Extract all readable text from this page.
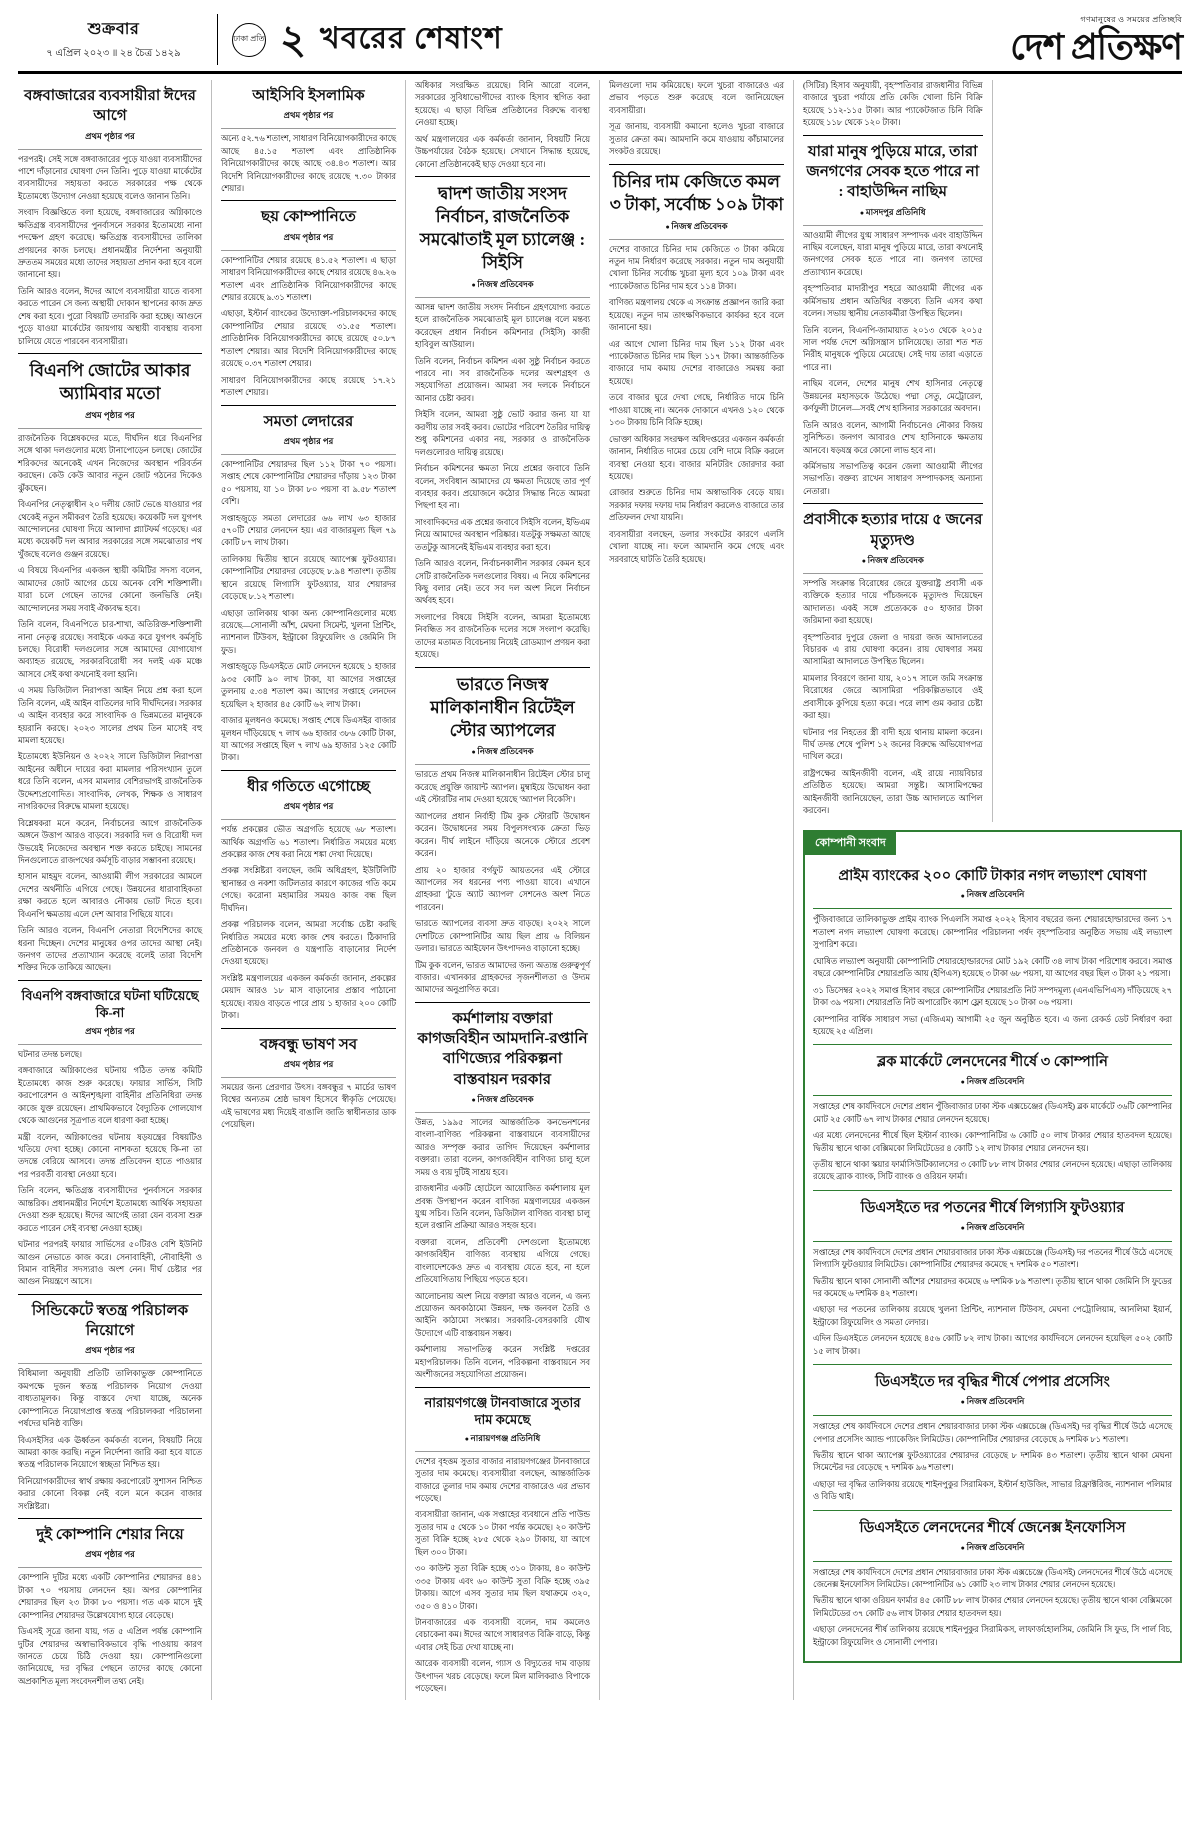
শুক্রবার
৭ এপ্রিল ২০২৩ ॥ ২৪ চৈত্র ১৪২৯
ঢাকা প্রতি ২ খবরের শেষাংশ
গণমানুষের ও সময়ের প্রতিচ্ছবি
দেশ প্রতিক্ষণ
বঙ্গবাজারের ব্যবসায়ীরা ঈদের আগে
প্রথম পৃষ্ঠার পর

পরপরই। সেই সঙ্গে বঙ্গবাজারের পুড়ে যাওয়া ব্যবসায়ীদের পাশে দাঁড়ানোর ঘোষণা দেন তিনি। পুড়ে যাওয়া মার্কেটের ব্যবসায়ীদের সহায়তা করতে সরকারের পক্ষ থেকে ইতোমধ্যে উদ্যোগ নেওয়া হয়েছে বলেও জানান তিনি।

সংবাদ বিজ্ঞপ্তিতে বলা হয়েছে, বঙ্গবাজারের অগ্নিকাণ্ডে ক্ষতিগ্রস্ত ব্যবসায়ীদের পুনর্বাসনে সরকার ইতোমধ্যে নানা পদক্ষেপ গ্রহণ করেছে। ক্ষতিগ্রস্ত ব্যবসায়ীদের তালিকা প্রণয়নের কাজ চলছে। প্রধানমন্ত্রীর নির্দেশনা অনুযায়ী দ্রুততম সময়ের মধ্যে তাদের সহায়তা প্রদান করা হবে বলে জানানো হয়।

তিনি আরও বলেন, ঈদের আগে ব্যবসায়ীরা যাতে ব্যবসা করতে পারেন সে জন্য অস্থায়ী দোকান স্থাপনের কাজ দ্রুত শেষ করা হবে। পুরো বিষয়টি তদারকি করা হচ্ছে। আগুনে পুড়ে যাওয়া মার্কেটের জায়গায় অস্থায়ী ব্যবস্থায় ব্যবসা চালিয়ে যেতে পারবেন ব্যবসায়ীরা।

বিএনপি জোটের আকার অ্যামিবার মতো
প্রথম পৃষ্ঠার পর

রাজনৈতিক বিশ্লেষকদের মতে, দীর্ঘদিন ধরে বিএনপির সঙ্গে থাকা দলগুলোর মধ্যে টানাপোড়েন চলছে। জোটের শরিকদের অনেকেই এখন নিজেদের অবস্থান পরিবর্তন করছেন। কেউ কেউ আবার নতুন জোট গঠনের দিকেও ঝুঁকছেন।

বিএনপির নেতৃত্বাধীন ২০ দলীয় জোট ভেঙে যাওয়ার পর থেকেই নতুন সমীকরণ তৈরি হয়েছে। কয়েকটি দল যুগপৎ আন্দোলনের ঘোষণা দিয়ে আলাদা প্ল্যাটফর্ম গড়েছে। এর মধ্যে কয়েকটি দল আবার সরকারের সঙ্গে সমঝোতার পথ খুঁজছে বলেও গুঞ্জন রয়েছে।

এ বিষয়ে বিএনপির একজন স্থায়ী কমিটির সদস্য বলেন, আমাদের জোট আগের চেয়ে অনেক বেশি শক্তিশালী। যারা চলে গেছেন তাদের কোনো জনভিত্তি নেই। আন্দোলনের সময় সবাই ঐক্যবদ্ধ হবে।

তিনি বলেন, বিএনপিতে চার-শাখা, অতিরিক্ত-শক্তিশালী নানা নেতৃত্ব রয়েছে। সবাইকে একত্র করে যুগপৎ কর্মসূচি চলছে। বিরোধী দলগুলোর সঙ্গে আমাদের যোগাযোগ অব্যাহত রয়েছে, সরকারবিরোধী সব দলই এক মঞ্চে আসবে সেই কথা কখনোই বলা হয়নি।

এ সময় ডিজিটাল নিরাপত্তা আইন নিয়ে প্রশ্ন করা হলে তিনি বলেন, এই আইন বাতিলের দাবি দীর্ঘদিনের। সরকার এ আইন ব্যবহার করে সাংবাদিক ও ভিন্নমতের মানুষকে হয়রানি করছে। ২০২৩ সালের প্রথম তিন মাসেই বহু মামলা হয়েছে।

ইতোমধ্যে ইউনিয়ন ও ২০২২ সালে ডিজিটাল নিরাপত্তা আইনের অধীনে দায়ের করা মামলার পরিসংখ্যান তুলে ধরে তিনি বলেন, এসব মামলার বেশিরভাগই রাজনৈতিক উদ্দেশ্যপ্রণোদিত। সাংবাদিক, লেখক, শিক্ষক ও সাধারণ নাগরিকদের বিরুদ্ধে মামলা হয়েছে।

বিশ্লেষকরা মনে করেন, নির্বাচনের আগে রাজনৈতিক অঙ্গনে উত্তাপ আরও বাড়বে। সরকারি দল ও বিরোধী দল উভয়েই নিজেদের অবস্থান শক্ত করতে চাইছে। সামনের দিনগুলোতে রাজপথের কর্মসূচি বাড়ার সম্ভাবনা রয়েছে।

হাসান মাহমুদ বলেন, আওয়ামী লীগ সরকারের আমলে দেশের অর্থনীতি এগিয়ে গেছে। উন্নয়নের ধারাবাহিকতা রক্ষা করতে হলে আবারও নৌকায় ভোট দিতে হবে। বিএনপি ক্ষমতায় এলে দেশ আবার পিছিয়ে যাবে।

তিনি আরও বলেন, বিএনপি নেতারা বিদেশিদের কাছে ধরনা দিচ্ছেন। দেশের মানুষের ওপর তাদের আস্থা নেই। জনগণ তাদের প্রত্যাখ্যান করেছে বলেই তারা বিদেশি শক্তির দিকে তাকিয়ে আছেন।

বিএনপি বঙ্গবাজারে ঘটনা ঘটিয়েছে কি-না
প্রথম পৃষ্ঠার পর

ঘটনার তদন্ত চলছে।

বঙ্গবাজারে অগ্নিকাণ্ডের ঘটনায় গঠিত তদন্ত কমিটি ইতোমধ্যে কাজ শুরু করেছে। ফায়ার সার্ভিস, সিটি করপোরেশন ও আইনশৃঙ্খলা বাহিনীর প্রতিনিধিরা তদন্ত কাজে যুক্ত রয়েছেন। প্রাথমিকভাবে বৈদ্যুতিক গোলযোগ থেকে আগুনের সূত্রপাত বলে ধারণা করা হচ্ছে।

মন্ত্রী বলেন, অগ্নিকাণ্ডের ঘটনায় ষড়যন্ত্রের বিষয়টিও খতিয়ে দেখা হচ্ছে। কোনো নাশকতা হয়েছে কি-না তা তদন্তে বেরিয়ে আসবে। তদন্ত প্রতিবেদন হাতে পাওয়ার পর পরবর্তী ব্যবস্থা নেওয়া হবে।

তিনি বলেন, ক্ষতিগ্রস্ত ব্যবসায়ীদের পুনর্বাসনে সরকার আন্তরিক। প্রধানমন্ত্রীর নির্দেশে ইতোমধ্যে আর্থিক সহায়তা দেওয়া শুরু হয়েছে। ঈদের আগেই তারা যেন ব্যবসা শুরু করতে পারেন সেই ব্যবস্থা নেওয়া হচ্ছে।

ঘটনার পরপরই ফায়ার সার্ভিসের ৫০টিরও বেশি ইউনিট আগুন নেভাতে কাজ করে। সেনাবাহিনী, নৌবাহিনী ও বিমান বাহিনীর সদস্যরাও অংশ নেন। দীর্ঘ চেষ্টার পর আগুন নিয়ন্ত্রণে আসে।

সিন্ডিকেটে স্বতন্ত্র পরিচালক নিয়োগে
প্রথম পৃষ্ঠার পর

বিধিমালা অনুযায়ী প্রতিটি তালিকাভুক্ত কোম্পানিতে কমপক্ষে দুজন স্বতন্ত্র পরিচালক নিয়োগ দেওয়া বাধ্যতামূলক। কিন্তু বাস্তবে দেখা যাচ্ছে, অনেক কোম্পানিতে নিয়োগপ্রাপ্ত স্বতন্ত্র পরিচালকরা পরিচালনা পর্ষদের ঘনিষ্ঠ ব্যক্তি।

বিএসইসির এক ঊর্ধ্বতন কর্মকর্তা বলেন, বিষয়টি নিয়ে আমরা কাজ করছি। নতুন নির্দেশনা জারি করা হবে যাতে স্বতন্ত্র পরিচালক নিয়োগে স্বচ্ছতা নিশ্চিত হয়।

বিনিয়োগকারীদের স্বার্থ রক্ষায় করপোরেট সুশাসন নিশ্চিত করার কোনো বিকল্প নেই বলে মনে করেন বাজার সংশ্লিষ্টরা।

দুই কোম্পানি শেয়ার নিয়ে
প্রথম পৃষ্ঠার পর

কোম্পানি দুটির মধ্যে একটি কোম্পানির শেয়ারদর ৪৪১ টাকা ৭০ পয়সায় লেনদেন হয়। অপর কোম্পানির শেয়ারদর ছিল ২৩ টাকা ৮০ পয়সা। গত এক মাসে দুই কোম্পানির শেয়ারদর উল্লেখযোগ্য হারে বেড়েছে।

ডিএসই সূত্রে জানা যায়, গত ৫ এপ্রিল পর্যন্ত কোম্পানি দুটির শেয়ারদর অস্বাভাবিকভাবে বৃদ্ধি পাওয়ায় কারণ জানতে চেয়ে চিঠি দেওয়া হয়। কোম্পানিগুলো জানিয়েছে, দর বৃদ্ধির পেছনে তাদের কাছে কোনো অপ্রকাশিত মূল্য সংবেদনশীল তথ্য নেই।

আইসিবি ইসলামিক
প্রথম পৃষ্ঠার পর

অন্যে ৫২.৭৬ শতাংশ, সাধারণ বিনিয়োগকারীদের কাছে আছে ৪৫.১৫ শতাংশ এবং প্রাতিষ্ঠানিক বিনিয়োগকারীদের কাছে আছে ৩৪.৪৩ শতাংশ। আর বিদেশি বিনিয়োগকারীদের কাছে রয়েছে ৭.৩০ টাকার শেয়ার।

ছয় কোম্পানিতে
প্রথম পৃষ্ঠার পর

কোম্পানিটির শেয়ার রয়েছে ৪১.৫২ শতাংশ। এ ছাড়া সাধারণ বিনিয়োগকারীদের কাছে শেয়ার রয়েছে ৪৬.২৬ শতাংশ এবং প্রাতিষ্ঠানিক বিনিয়োগকারীদের কাছে শেয়ার রয়েছে ৯.৩১ শতাংশ।

এছাড়া, ইস্টার্ন ব্যাংকের উদ্যোক্তা-পরিচালকদের কাছে কোম্পানিটির শেয়ার রয়েছে ৩১.৫৫ শতাংশ। প্রাতিষ্ঠানিক বিনিয়োগকারীদের কাছে রয়েছে ৫০.৮৭ শতাংশ শেয়ার। আর বিদেশি বিনিয়োগকারীদের কাছে রয়েছে ০.৩৭ শতাংশ শেয়ার।

সাধারণ বিনিয়োগকারীদের কাছে রয়েছে ১৭.২১ শতাংশ শেয়ার।

সমতা লেদারের
প্রথম পৃষ্ঠার পর

কোম্পানিটির শেয়ারদর ছিল ১১২ টাকা ৭০ পয়সা। সপ্তাহ শেষে কোম্পানিটির শেয়ারদর দাঁড়ায় ১২৩ টাকা ৫০ পয়সায়, যা ১০ টাকা ৮০ পয়সা বা ৯.৫৮ শতাংশ বেশি।

সপ্তাহজুড়ে সমতা লেদারের ৬৬ লাখ ৬৩ হাজার ৫৭০টি শেয়ার লেনদেন হয়। এর বাজারমূল্য ছিল ৭৯ কোটি ৮৭ লাখ টাকা।

তালিকায় দ্বিতীয় স্থানে রয়েছে অ্যাপেক্স ফুটওয়্যার। কোম্পানিটির শেয়ারদর বেড়েছে ৮.৯৪ শতাংশ। তৃতীয় স্থানে রয়েছে লিগ্যাসি ফুটওয়্যার, যার শেয়ারদর বেড়েছে ৮.১২ শতাংশ।

এছাড়া তালিকায় থাকা অন্য কোম্পানিগুলোর মধ্যে রয়েছে—সোনালী আঁশ, মেঘনা সিমেন্ট, খুলনা প্রিন্টিং, ন্যাশনাল টিউবস, ইন্ট্রাকো রিফুয়েলিং ও জেমিনি সি ফুড।

সপ্তাহজুড়ে ডিএসইতে মোট লেনদেন হয়েছে ১ হাজার ৯৩৫ কোটি ৯০ লাখ টাকা, যা আগের সপ্তাহের তুলনায় ৫.৩৪ শতাংশ কম। আগের সপ্তাহে লেনদেন হয়েছিল ২ হাজার ৪৫ কোটি ৬২ লাখ টাকা।

বাজার মূলধনও কমেছে। সপ্তাহ শেষে ডিএসইর বাজার মূলধন দাঁড়িয়েছে ৭ লাখ ৬৬ হাজার ৩৮৬ কোটি টাকা, যা আগের সপ্তাহে ছিল ৭ লাখ ৬৯ হাজার ১২৫ কোটি টাকা।

ধীর গতিতে এগোচ্ছে
প্রথম পৃষ্ঠার পর

পর্যন্ত প্রকল্পের ভৌত অগ্রগতি হয়েছে ৬৮ শতাংশ। আর্থিক অগ্রগতি ৬১ শতাংশ। নির্ধারিত সময়ের মধ্যে প্রকল্পের কাজ শেষ করা নিয়ে শঙ্কা দেখা দিয়েছে।

প্রকল্প সংশ্লিষ্টরা বলছেন, জমি অধিগ্রহণ, ইউটিলিটি স্থানান্তর ও নকশা জটিলতার কারণে কাজের গতি কমে গেছে। করোনা মহামারির সময়ও কাজ বন্ধ ছিল দীর্ঘদিন।

প্রকল্প পরিচালক বলেন, আমরা সর্বোচ্চ চেষ্টা করছি নির্ধারিত সময়ের মধ্যে কাজ শেষ করতে। ঠিকাদারি প্রতিষ্ঠানকে জনবল ও যন্ত্রপাতি বাড়ানোর নির্দেশ দেওয়া হয়েছে।

সংশ্লিষ্ট মন্ত্রণালয়ের একজন কর্মকর্তা জানান, প্রকল্পের মেয়াদ আরও ১৮ মাস বাড়ানোর প্রস্তাব পাঠানো হয়েছে। ব্যয়ও বাড়তে পারে প্রায় ১ হাজার ২০০ কোটি টাকা।

বঙ্গবন্ধু ভাষণ সব
প্রথম পৃষ্ঠার পর

সময়ের জন্য প্রেরণার উৎস। বঙ্গবন্ধুর ৭ মার্চের ভাষণ বিশ্বের অন্যতম শ্রেষ্ঠ ভাষণ হিসেবে স্বীকৃতি পেয়েছে। এই ভাষণের মধ্য দিয়েই বাঙালি জাতি স্বাধীনতার ডাক পেয়েছিল।

অধিকার সংরক্ষিত রয়েছে। বিনি আরো বলেন, সরকারের সুবিধাভোগীদের ব্যাংক হিসাব স্থগিত করা হয়েছে। এ ছাড়া বিভিন্ন প্রতিষ্ঠানের বিরুদ্ধে ব্যবস্থা নেওয়া হচ্ছে।

অর্থ মন্ত্রণালয়ের এক কর্মকর্তা জানান, বিষয়টি নিয়ে উচ্চপর্যায়ের বৈঠক হয়েছে। সেখানে সিদ্ধান্ত হয়েছে, কোনো প্রতিষ্ঠানকেই ছাড় দেওয়া হবে না।

দ্বাদশ জাতীয় সংসদ নির্বাচন, রাজনৈতিক সমঝোতাই মূল চ্যালেঞ্জ : সিইসি
● নিজস্ব প্রতিবেদক

আসন্ন দ্বাদশ জাতীয় সংসদ নির্বাচন গ্রহণযোগ্য করতে হলে রাজনৈতিক সমঝোতাই মূল চ্যালেঞ্জ বলে মন্তব্য করেছেন প্রধান নির্বাচন কমিশনার (সিইসি) কাজী হাবিবুল আউয়াল।

তিনি বলেন, নির্বাচন কমিশন একা সুষ্ঠু নির্বাচন করতে পারবে না। সব রাজনৈতিক দলের অংশগ্রহণ ও সহযোগিতা প্রয়োজন। আমরা সব দলকে নির্বাচনে আনার চেষ্টা করব।

সিইসি বলেন, আমরা সুষ্ঠু ভোট করার জন্য যা যা করণীয় তার সবই করব। ভোটের পরিবেশ তৈরির দায়িত্ব শুধু কমিশনের একার নয়, সরকার ও রাজনৈতিক দলগুলোরও দায়িত্ব রয়েছে।

নির্বাচন কমিশনের ক্ষমতা নিয়ে প্রশ্নের জবাবে তিনি বলেন, সংবিধান আমাদের যে ক্ষমতা দিয়েছে তার পূর্ণ ব্যবহার করব। প্রয়োজনে কঠোর সিদ্ধান্ত নিতে আমরা পিছপা হব না।

সাংবাদিকদের এক প্রশ্নের জবাবে সিইসি বলেন, ইভিএম নিয়ে আমাদের অবস্থান পরিষ্কার। যতটুকু সক্ষমতা আছে ততটুকু আসনেই ইভিএম ব্যবহার করা হবে।

তিনি আরও বলেন, নির্বাচনকালীন সরকার কেমন হবে সেটি রাজনৈতিক দলগুলোর বিষয়। এ নিয়ে কমিশনের কিছু বলার নেই। তবে সব দল অংশ নিলে নির্বাচন অর্থবহ হবে।

সংলাপের বিষয়ে সিইসি বলেন, আমরা ইতোমধ্যে নিবন্ধিত সব রাজনৈতিক দলের সঙ্গে সংলাপ করেছি। তাদের মতামত বিবেচনায় নিয়েই রোডম্যাপ প্রণয়ন করা হয়েছে।

ভারতে নিজস্ব মালিকানাধীন রিটেইল স্টোর অ্যাপলের
● নিজস্ব প্রতিবেদক

ভারতে প্রথম নিজস্ব মালিকানাধীন রিটেইল স্টোর চালু করেছে প্রযুক্তি জায়ান্ট অ্যাপল। মুম্বাইয়ে উদ্বোধন করা এই স্টোরটির নাম দেওয়া হয়েছে 'অ্যাপল বিকেসি'।

অ্যাপলের প্রধান নির্বাহী টিম কুক স্টোরটি উদ্বোধন করেন। উদ্বোধনের সময় বিপুলসংখ্যক ক্রেতা ভিড় করেন। দীর্ঘ লাইনে দাঁড়িয়ে অনেকে স্টোরে প্রবেশ করেন।

প্রায় ২০ হাজার বর্গফুট আয়তনের এই স্টোরে অ্যাপলের সব ধরনের পণ্য পাওয়া যাবে। এখানে গ্রাহকরা 'টুডে অ্যাট অ্যাপল' সেশনেও অংশ নিতে পারবেন।

ভারতে অ্যাপলের ব্যবসা দ্রুত বাড়ছে। ২০২২ সালে দেশটিতে কোম্পানিটির আয় ছিল প্রায় ৬ বিলিয়ন ডলার। ভারতে আইফোন উৎপাদনও বাড়ানো হচ্ছে।

টিম কুক বলেন, ভারত আমাদের জন্য অত্যন্ত গুরুত্বপূর্ণ বাজার। এখানকার গ্রাহকদের সৃজনশীলতা ও উদ্যম আমাদের অনুপ্রাণিত করে।

কর্মশালায় বক্তারা কাগজবিহীন আমদানি-রপ্তানি বাণিজ্যের পরিকল্পনা বাস্তবায়ন দরকার
● নিজস্ব প্রতিবেদক

উন্নত, ১৯৯৫ সালের আন্তর্জাতিক কনভেনশনের বাংলা-বাণিজ্য পরিকল্পনা বাস্তবায়নে ব্যবসায়ীদের আরও সম্পৃক্ত করার তাগিদ দিয়েছেন কর্মশালার বক্তারা। তারা বলেন, কাগজবিহীন বাণিজ্য চালু হলে সময় ও ব্যয় দুটিই সাশ্রয় হবে।

রাজধানীর একটি হোটেলে আয়োজিত কর্মশালায় মূল প্রবন্ধ উপস্থাপন করেন বাণিজ্য মন্ত্রণালয়ের একজন যুগ্ম সচিব। তিনি বলেন, ডিজিটাল বাণিজ্য ব্যবস্থা চালু হলে রপ্তানি প্রক্রিয়া আরও সহজ হবে।

বক্তারা বলেন, প্রতিবেশী দেশগুলো ইতোমধ্যে কাগজবিহীন বাণিজ্য ব্যবস্থায় এগিয়ে গেছে। বাংলাদেশকেও দ্রুত এ ব্যবস্থায় যেতে হবে, না হলে প্রতিযোগিতায় পিছিয়ে পড়তে হবে।

আলোচনায় অংশ নিয়ে বক্তারা আরও বলেন, এ জন্য প্রয়োজন অবকাঠামো উন্নয়ন, দক্ষ জনবল তৈরি ও আইনি কাঠামো সংস্কার। সরকারি-বেসরকারি যৌথ উদ্যোগে এটি বাস্তবায়ন সম্ভব।

কর্মশালায় সভাপতিত্ব করেন সংশ্লিষ্ট দপ্তরের মহাপরিচালক। তিনি বলেন, পরিকল্পনা বাস্তবায়নে সব অংশীজনের সহযোগিতা প্রয়োজন।

নারায়ণগঞ্জে টানবাজারে সুতার দাম কমেছে
● নারায়ণগঞ্জ প্রতিনিধি

দেশের বৃহত্তম সুতার বাজার নারায়ণগঞ্জের টানবাজারে সুতার দাম কমেছে। ব্যবসায়ীরা বলছেন, আন্তর্জাতিক বাজারে তুলার দাম কমায় দেশের বাজারেও এর প্রভাব পড়েছে।

ব্যবসায়ীরা জানান, এক সপ্তাহের ব্যবধানে প্রতি পাউন্ড সুতার দাম ৫ থেকে ১০ টাকা পর্যন্ত কমেছে। ২০ কাউন্ট সুতা বিক্রি হচ্ছে ২৮৫ থেকে ২৯০ টাকায়, যা আগে ছিল ৩০০ টাকা।

৩০ কাউন্ট সুতা বিক্রি হচ্ছে ৩১০ টাকায়, ৪০ কাউন্ট ৩৩৫ টাকায় এবং ৬০ কাউন্ট সুতা বিক্রি হচ্ছে ৩৯৫ টাকায়। আগে এসব সুতার দাম ছিল যথাক্রমে ৩২০, ৩৫০ ও ৪১০ টাকা।

টানবাজারের এক ব্যবসায়ী বলেন, দাম কমলেও বেচাকেনা কম। ঈদের আগে সাধারণত বিক্রি বাড়ে, কিন্তু এবার সেই চিত্র দেখা যাচ্ছে না।

আরেক ব্যবসায়ী বলেন, গ্যাস ও বিদ্যুতের দাম বাড়ায় উৎপাদন খরচ বেড়েছে। ফলে মিল মালিকরাও বিপাকে পড়েছেন।

মিলগুলো দাম কমিয়েছে। ফলে খুচরা বাজারেও এর প্রভাব পড়তে শুরু করেছে বলে জানিয়েছেন ব্যবসায়ীরা।

সূত্র জানায়, ব্যবসায়ী কমানো হলেও খুচরা বাজারে সুতার ক্রেতা কম। আমদানি কমে যাওয়ায় কাঁচামালের সংকটও রয়েছে।

চিনির দাম কেজিতে কমল ৩ টাকা, সর্বোচ্চ ১০৯ টাকা
● নিজস্ব প্রতিবেদক

দেশের বাজারে চিনির দাম কেজিতে ৩ টাকা কমিয়ে নতুন দাম নির্ধারণ করেছে সরকার। নতুন দাম অনুযায়ী খোলা চিনির সর্বোচ্চ খুচরা মূল্য হবে ১০৯ টাকা এবং প্যাকেটজাত চিনির দাম হবে ১১৪ টাকা।

বাণিজ্য মন্ত্রণালয় থেকে এ সংক্রান্ত প্রজ্ঞাপন জারি করা হয়েছে। নতুন দাম তাৎক্ষণিকভাবে কার্যকর হবে বলে জানানো হয়।

এর আগে খোলা চিনির দাম ছিল ১১২ টাকা এবং প্যাকেটজাত চিনির দাম ছিল ১১৭ টাকা। আন্তর্জাতিক বাজারে দাম কমায় দেশের বাজারেও সমন্বয় করা হয়েছে।

তবে বাজার ঘুরে দেখা গেছে, নির্ধারিত দামে চিনি পাওয়া যাচ্ছে না। অনেক দোকানে এখনও ১২০ থেকে ১৩০ টাকায় চিনি বিক্রি হচ্ছে।

ভোক্তা অধিকার সংরক্ষণ অধিদপ্তরের একজন কর্মকর্তা জানান, নির্ধারিত দামের চেয়ে বেশি দামে বিক্রি করলে ব্যবস্থা নেওয়া হবে। বাজার মনিটরিং জোরদার করা হয়েছে।

রোজার শুরুতে চিনির দাম অস্বাভাবিক বেড়ে যায়। সরকার দফায় দফায় দাম নির্ধারণ করলেও বাজারে তার প্রতিফলন দেখা যায়নি।

ব্যবসায়ীরা বলছেন, ডলার সংকটের কারণে এলসি খোলা যাচ্ছে না। ফলে আমদানি কমে গেছে এবং সরবরাহে ঘাটতি তৈরি হয়েছে।

(সিটির) হিসাব অনুযায়ী, বৃহস্পতিবার রাজধানীর বিভিন্ন বাজারে খুচরা পর্যায়ে প্রতি কেজি খোলা চিনি বিক্রি হয়েছে ১১২-১১৫ টাকা। আর প্যাকেটজাত চিনি বিক্রি হয়েছে ১১৮ থেকে ১২০ টাকা।

যারা মানুষ পুড়িয়ে মারে, তারা জনগণের সেবক হতে পারে না : বাহাউদ্দিন নাছিম
● মাসদপুর প্রতিনিধি

আওয়ামী লীগের যুগ্ম সাধারণ সম্পাদক এবং বাহাউদ্দিন নাছিম বলেছেন, যারা মানুষ পুড়িয়ে মারে, তারা কখনোই জনগণের সেবক হতে পারে না। জনগণ তাদের প্রত্যাখ্যান করেছে।

বৃহস্পতিবার মাদারীপুর শহরে আওয়ামী লীগের এক কর্মিসভায় প্রধান অতিথির বক্তব্যে তিনি এসব কথা বলেন। সভায় স্থানীয় নেতাকর্মীরা উপস্থিত ছিলেন।

তিনি বলেন, বিএনপি-জামায়াত ২০১৩ থেকে ২০১৫ সাল পর্যন্ত দেশে অগ্নিসন্ত্রাস চালিয়েছে। তারা শত শত নিরীহ মানুষকে পুড়িয়ে মেরেছে। সেই দায় তারা এড়াতে পারে না।

নাছিম বলেন, দেশের মানুষ শেখ হাসিনার নেতৃত্বে উন্নয়নের মহাসড়কে উঠেছে। পদ্মা সেতু, মেট্রোরেল, কর্ণফুলী টানেল—সবই শেখ হাসিনার সরকারের অবদান।

তিনি আরও বলেন, আগামী নির্বাচনেও নৌকার বিজয় সুনিশ্চিত। জনগণ আবারও শেখ হাসিনাকে ক্ষমতায় আনবে। ষড়যন্ত্র করে কোনো লাভ হবে না।

কর্মিসভায় সভাপতিত্ব করেন জেলা আওয়ামী লীগের সভাপতি। বক্তব্য রাখেন সাধারণ সম্পাদকসহ অন্যান্য নেতারা।

প্রবাসীকে হত্যার দায়ে ৫ জনের মৃত্যুদণ্ড
● নিজস্ব প্রতিবেদক

সম্পত্তি সংক্রান্ত বিরোধের জেরে যুক্তরাষ্ট্র প্রবাসী এক ব্যক্তিকে হত্যার দায়ে পাঁচজনকে মৃত্যুদণ্ড দিয়েছেন আদালত। একই সঙ্গে প্রত্যেককে ৫০ হাজার টাকা জরিমানা করা হয়েছে।

বৃহস্পতিবার দুপুরে জেলা ও দায়রা জজ আদালতের বিচারক এ রায় ঘোষণা করেন। রায় ঘোষণার সময় আসামিরা আদালতে উপস্থিত ছিলেন।

মামলার বিবরণে জানা যায়, ২০১৭ সালে জমি সংক্রান্ত বিরোধের জেরে আসামিরা পরিকল্পিতভাবে ওই প্রবাসীকে কুপিয়ে হত্যা করে। পরে লাশ গুম করার চেষ্টা করা হয়।

ঘটনার পর নিহতের স্ত্রী বাদী হয়ে থানায় মামলা করেন। দীর্ঘ তদন্ত শেষে পুলিশ ১২ জনের বিরুদ্ধে অভিযোগপত্র দাখিল করে।

রাষ্ট্রপক্ষের আইনজীবী বলেন, এই রায়ে ন্যায়বিচার প্রতিষ্ঠিত হয়েছে। আমরা সন্তুষ্ট। আসামিপক্ষের আইনজীবী জানিয়েছেন, তারা উচ্চ আদালতে আপিল করবেন।

কোম্পানী সংবাদ
প্রাইম ব্যাংকের ২০০ কোটি টাকার নগদ লভ্যাংশ ঘোষণা
● নিজস্ব প্রতিবেদনি

পুঁজিবাজারে তালিকাভুক্ত প্রাইম ব্যাংক পিএলসি সমাপ্ত ২০২২ হিসাব বছরের জন্য শেয়ারহোল্ডারদের জন্য ১৭ শতাংশ নগদ লভ্যাংশ ঘোষণা করেছে। কোম্পানির পরিচালনা পর্ষদ বৃহস্পতিবার অনুষ্ঠিত সভায় এই লভ্যাংশ সুপারিশ করে।

ঘোষিত লভ্যাংশ অনুযায়ী কোম্পানিটি শেয়ারহোল্ডারদের মোট ১৯২ কোটি ৩৪ লাখ টাকা পরিশোধ করবে। সমাপ্ত বছরে কোম্পানিটির শেয়ারপ্রতি আয় (ইপিএস) হয়েছে ৩ টাকা ৬৮ পয়সা, যা আগের বছর ছিল ৩ টাকা ২১ পয়সা।

৩১ ডিসেম্বর ২০২২ সমাপ্ত হিসাব বছরে কোম্পানিটির শেয়ারপ্রতি নিট সম্পদমূল্য (এনএভিপিএস) দাঁড়িয়েছে ২৭ টাকা ৩৯ পয়সা। শেয়ারপ্রতি নিট অপারেটিং ক্যাশ ফ্লো হয়েছে ১০ টাকা ০৬ পয়সা।

কোম্পানির বার্ষিক সাধারণ সভা (এজিএম) আগামী ২৫ জুন অনুষ্ঠিত হবে। এ জন্য রেকর্ড ডেট নির্ধারণ করা হয়েছে ২৫ এপ্রিল।

ব্লক মার্কেটে লেনদেনের শীর্ষে ৩ কোম্পানি
● নিজস্ব প্রতিবেদনি

সপ্তাহের শেষ কার্যদিবসে দেশের প্রধান পুঁজিবাজার ঢাকা স্টক এক্সচেঞ্জের (ডিএসই) ব্লক মার্কেটে ৩৬টি কোম্পানির মোট ২৫ কোটি ৬৭ লাখ টাকার শেয়ার লেনদেন হয়েছে।

এর মধ্যে লেনদেনের শীর্ষে ছিল ইস্টার্ন ব্যাংক। কোম্পানিটির ৬ কোটি ৫০ লাখ টাকার শেয়ার হাতবদল হয়েছে। দ্বিতীয় স্থানে থাকা বেক্সিমকো লিমিটেডের ৪ কোটি ১২ লাখ টাকার শেয়ার লেনদেন হয়।

তৃতীয় স্থানে থাকা স্কয়ার ফার্মাসিউটিক্যালসের ৩ কোটি ৮৮ লাখ টাকার শেয়ার লেনদেন হয়েছে। এছাড়া তালিকায় রয়েছে ব্র্যাক ব্যাংক, সিটি ব্যাংক ও ওরিয়ন ফার্মা।

ডিএসইতে দর পতনের শীর্ষে লিগ্যাসি ফুটওয়্যার
● নিজস্ব প্রতিবেদনি

সপ্তাহের শেষ কার্যদিবসে দেশের প্রধান শেয়ারবাজার ঢাকা স্টক এক্সচেঞ্জে (ডিএসই) দর পতনের শীর্ষে উঠে এসেছে লিগ্যাসি ফুটওয়্যার লিমিটেড। কোম্পানিটির শেয়ারদর কমেছে ৭ দশমিক ৫০ শতাংশ।

দ্বিতীয় স্থানে থাকা সোনালী আঁশের শেয়ারদর কমেছে ৬ দশমিক ৮৯ শতাংশ। তৃতীয় স্থানে থাকা জেমিনি সি ফুডের দর কমেছে ৬ দশমিক ৪২ শতাংশ।

এছাড়া দর পতনের তালিকায় রয়েছে খুলনা প্রিন্টিং, ন্যাশনাল টিউবস, মেঘনা পেট্রোলিয়াম, আনলিমা ইয়ার্ন, ইন্ট্রাকো রিফুয়েলিং ও সমতা লেদার।

এদিন ডিএসইতে লেনদেন হয়েছে ৪৫৬ কোটি ৮২ লাখ টাকা। আগের কার্যদিবসে লেনদেন হয়েছিল ৫০২ কোটি ১৫ লাখ টাকা।

ডিএসইতে দর বৃদ্ধির শীর্ষে পেপার প্রসেসিং
● নিজস্ব প্রতিবেদনি

সপ্তাহের শেষ কার্যদিবসে দেশের প্রধান শেয়ারবাজার ঢাকা স্টক এক্সচেঞ্জে (ডিএসই) দর বৃদ্ধির শীর্ষে উঠে এসেছে পেপার প্রসেসিং অ্যান্ড প্যাকেজিং লিমিটেড। কোম্পানিটির শেয়ারদর বেড়েছে ৯ দশমিক ৮১ শতাংশ।

দ্বিতীয় স্থানে থাকা অ্যাপেক্স ফুটওয়্যারের শেয়ারদর বেড়েছে ৮ দশমিক ৪৩ শতাংশ। তৃতীয় স্থানে থাকা মেঘনা সিমেন্টের দর বেড়েছে ৭ দশমিক ৯৬ শতাংশ।

এছাড়া দর বৃদ্ধির তালিকায় রয়েছে শাইনপুকুর সিরামিকস, ইস্টার্ন হাউজিং, সাভার রিফ্রাক্টরিজ, ন্যাশনাল পলিমার ও বিডি থাই।

ডিএসইতে লেনদেনের শীর্ষে জেনেক্স ইনফোসিস
● নিজস্ব প্রতিবেদনি

সপ্তাহের শেষ কার্যদিবসে দেশের প্রধান শেয়ারবাজার ঢাকা স্টক এক্সচেঞ্জে (ডিএসই) লেনদেনের শীর্ষে উঠে এসেছে জেনেক্স ইনফোসিস লিমিটেড। কোম্পানিটির ৬১ কোটি ২৩ লাখ টাকার শেয়ার লেনদেন হয়েছে।

দ্বিতীয় স্থানে থাকা ওরিয়ন ফার্মার ৪৫ কোটি ৮৮ লাখ টাকার শেয়ার লেনদেন হয়েছে। তৃতীয় স্থানে থাকা বেক্সিমকো লিমিটেডের ৩৭ কোটি ৫৬ লাখ টাকার শেয়ার হাতবদল হয়।

এছাড়া লেনদেনের শীর্ষ তালিকায় রয়েছে শাইনপুকুর সিরামিকস, লাফার্জহোলসিম, জেমিনি সি ফুড, সি পার্ল বিচ, ইন্ট্রাকো রিফুয়েলিং ও সোনালী পেপার।
